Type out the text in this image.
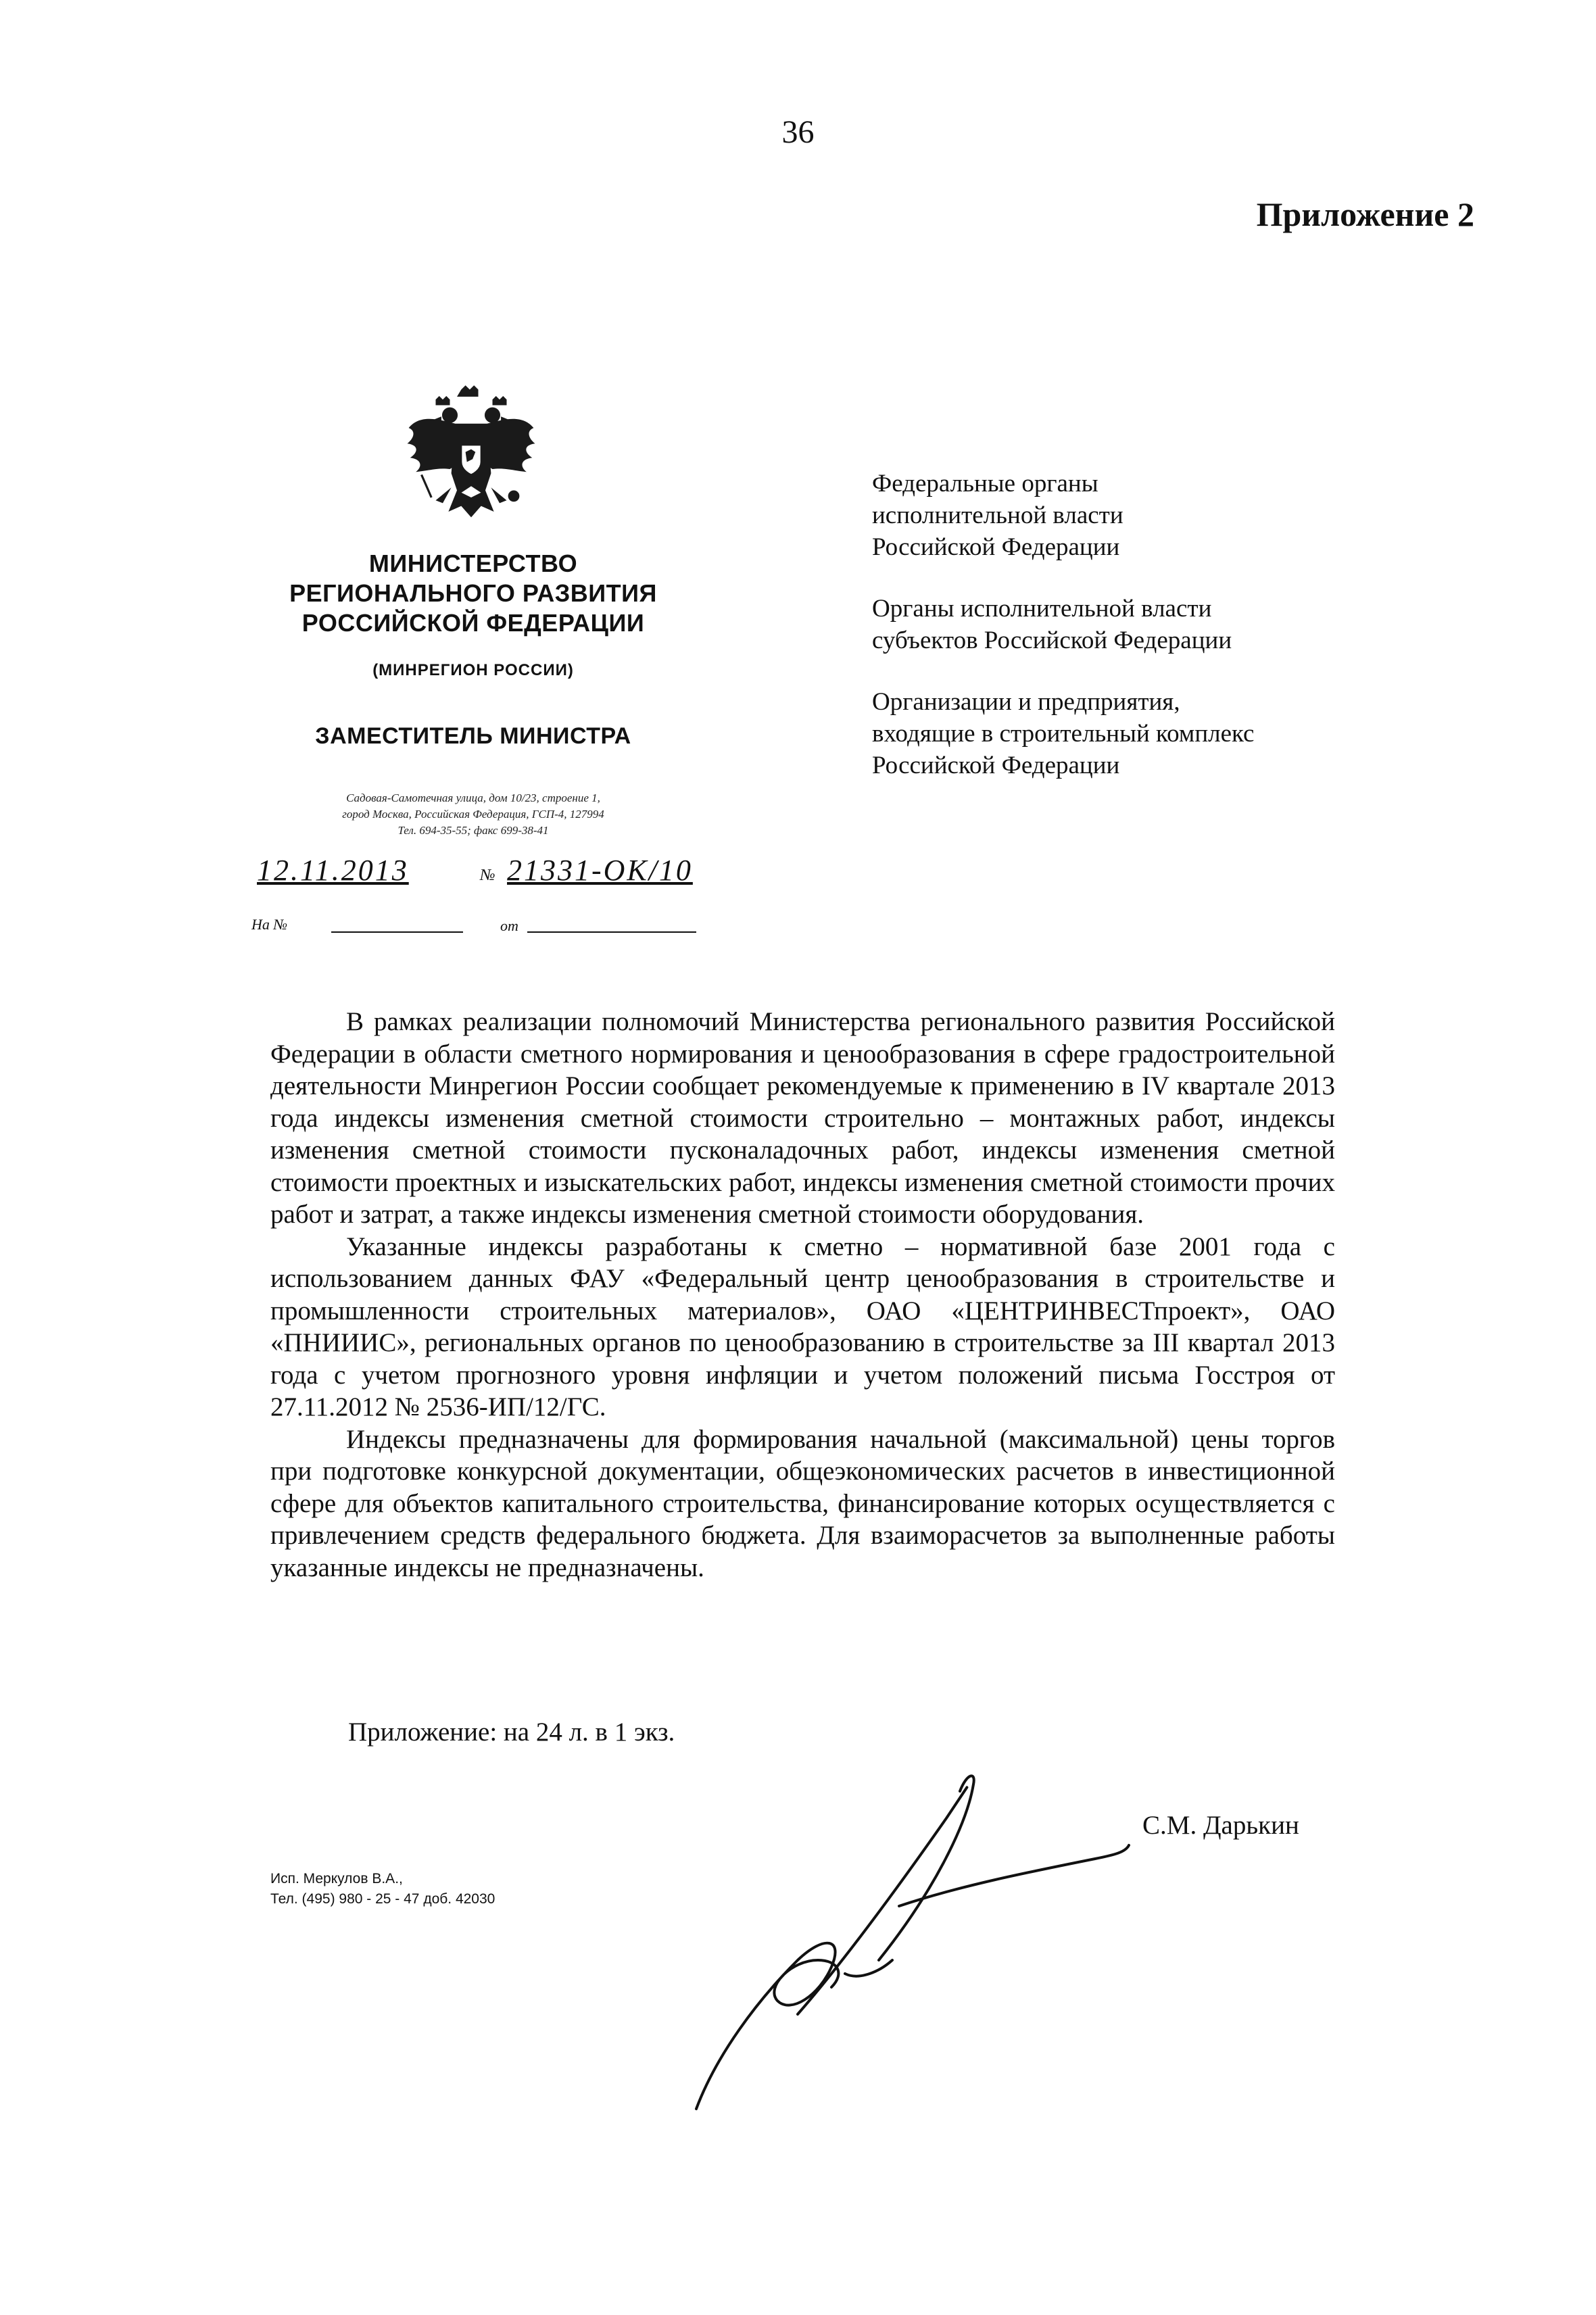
36
Приложение 2
МИНИСТЕРСТВО
РЕГИОНАЛЬНОГО РАЗВИТИЯ
РОССИЙСКОЙ ФЕДЕРАЦИИ
(МИНРЕГИОН РОССИИ)
ЗАМЕСТИТЕЛЬ МИНИСТРА
Садовая-Самотечная улица, дом 10/23, строение 1,
город Москва, Российская Федерация, ГСП-4, 127994
Тел. 694-35-55; факс 699-38-41
12.11.2013	№ 21331-ОК/10
На №	от
Федеральные органы
исполнительной власти
Российской Федерации
Органы исполнительной власти
субъектов Российской Федерации
Организации и предприятия,
входящие в строительный комплекс
Российской Федерации

В рамках реализации полномочий Министерства регионального развития Российской Федерации в области сметного нормирования и ценообразования в сфере градостроительной деятельности Минрегион России сообщает рекомендуемые к применению в IV квартале 2013 года индексы изменения сметной стоимости строительно – монтажных работ, индексы изменения сметной стоимости пусконаладочных работ, индексы изменения сметной стоимости проектных и изыскательских работ, индексы изменения сметной стоимости прочих работ и затрат, а также индексы изменения сметной стоимости оборудования.

Указанные индексы разработаны к сметно – нормативной базе 2001 года с использованием данных ФАУ «Федеральный центр ценообразования в строительстве и промышленности строительных материалов», ОАО «ЦЕНТРИНВЕСТпроект», ОАО «ПНИИИС», региональных органов по ценообразованию в строительстве за III квартал 2013 года с учетом прогнозного уровня инфляции и учетом положений письма Госстроя от 27.11.2012 № 2536-ИП/12/ГС.

Индексы предназначены для формирования начальной (максимальной) цены торгов при подготовке конкурсной документации, общеэкономических расчетов в инвестиционной сфере для объектов капитального строительства, финансирование которых осуществляется с привлечением средств федерального бюджета. Для взаиморасчетов за выполненные работы указанные индексы не предназначены.

Приложение: на 24 л. в 1 экз.
С.М. Дарькин
Исп. Меркулов В.А.,
Тел. (495) 980 - 25 - 47 доб. 42030
